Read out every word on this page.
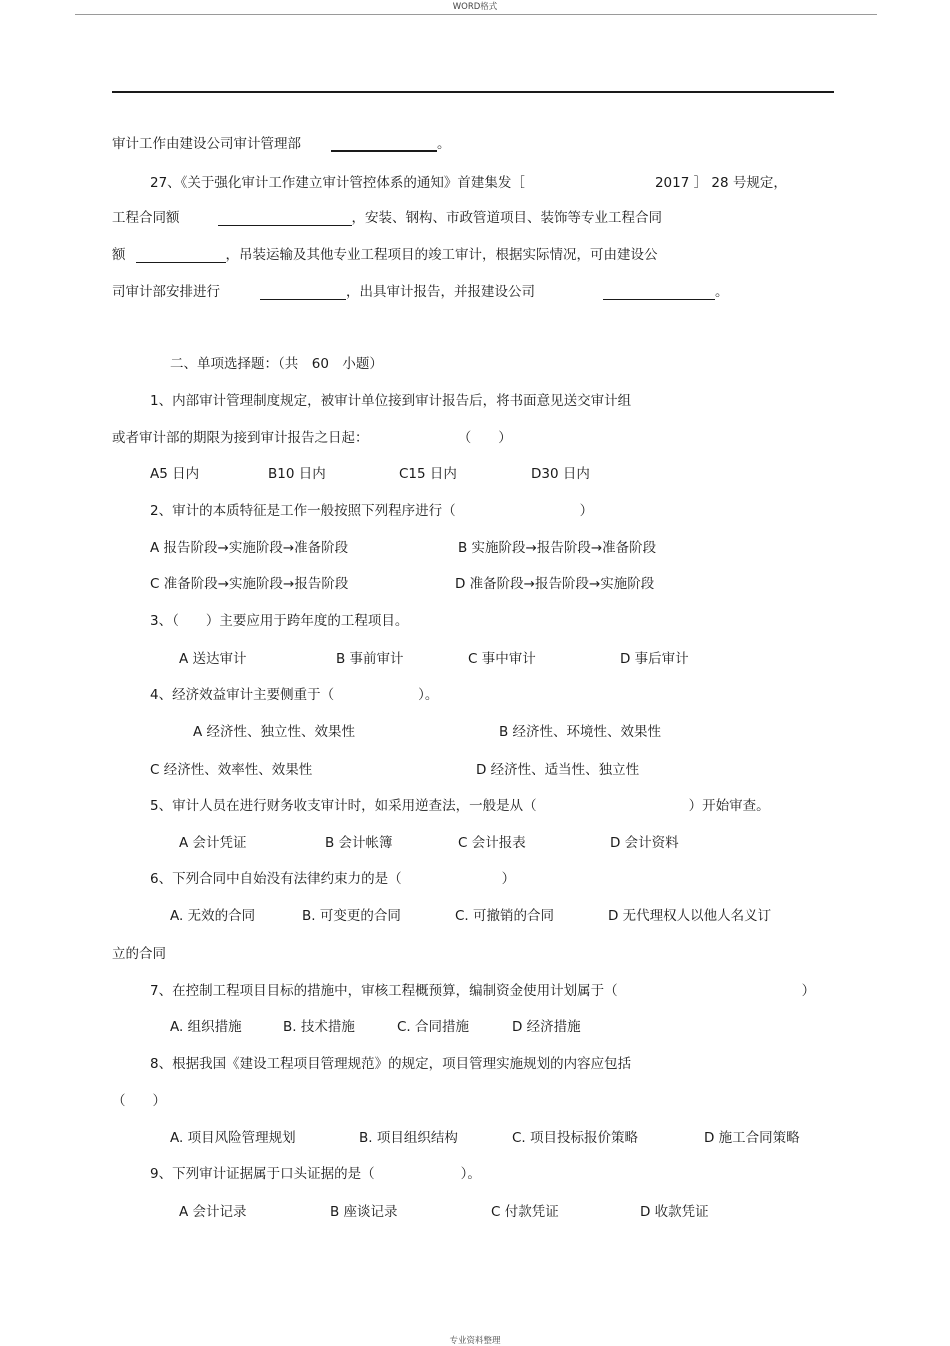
WORD格式
审计工作由建设公司审计管理部	。
27、《关于强化审计工作建立审计管控体系的通知》首建集发［	2017 ］ 28 号规定，
工程合同额	，安装、钢构、市政管道项目、装饰等专业工程合同
额	，吊装运输及其他专业工程项目的竣工审计，根据实际情况，可由建设公
司审计部安排进行	，出具审计报告，并报建设公司	。
二、单项选择题：（共　60　小题）
1、内部审计管理制度规定，被审计单位接到审计报告后，将书面意见送交审计组
或者审计部的期限为接到审计报告之日起：	（　　）
A5 日内	B10 日内	C15 日内	D30 日内
2、审计的本质特征是工作一般按照下列程序进行（	）
A 报告阶段→实施阶段→准备阶段	B 实施阶段→报告阶段→准备阶段
C 准备阶段→实施阶段→报告阶段	D 准备阶段→报告阶段→实施阶段
3、（　　）主要应用于跨年度的工程项目。
A 送达审计	B 事前审计	C 事中审计	D 事后审计
4、经济效益审计主要侧重于（	）。
A 经济性、独立性、效果性	B 经济性、环境性、效果性
C 经济性、效率性、效果性	D 经济性、适当性、独立性
5、审计人员在进行财务收支审计时，如采用逆查法，一般是从（	）开始审查。
A 会计凭证	B 会计帐簿	C 会计报表	D 会计资料
6、下列合同中自始没有法律约束力的是（	）
A. 无效的合同	B. 可变更的合同	C. 可撤销的合同	D 无代理权人以他人名义订
立的合同
7、在控制工程项目目标的措施中，审核工程概预算，编制资金使用计划属于（	）
A. 组织措施	B. 技术措施	C. 合同措施	D 经济措施
8、根据我国《建设工程项目管理规范》的规定，项目管理实施规划的内容应包括
（　　）
A. 项目风险管理规划	B. 项目组织结构	C. 项目投标报价策略	D 施工合同策略
9、下列审计证据属于口头证据的是（	）。
A 会计记录	B 座谈记录	C 付款凭证	D 收款凭证
专业资料整理
